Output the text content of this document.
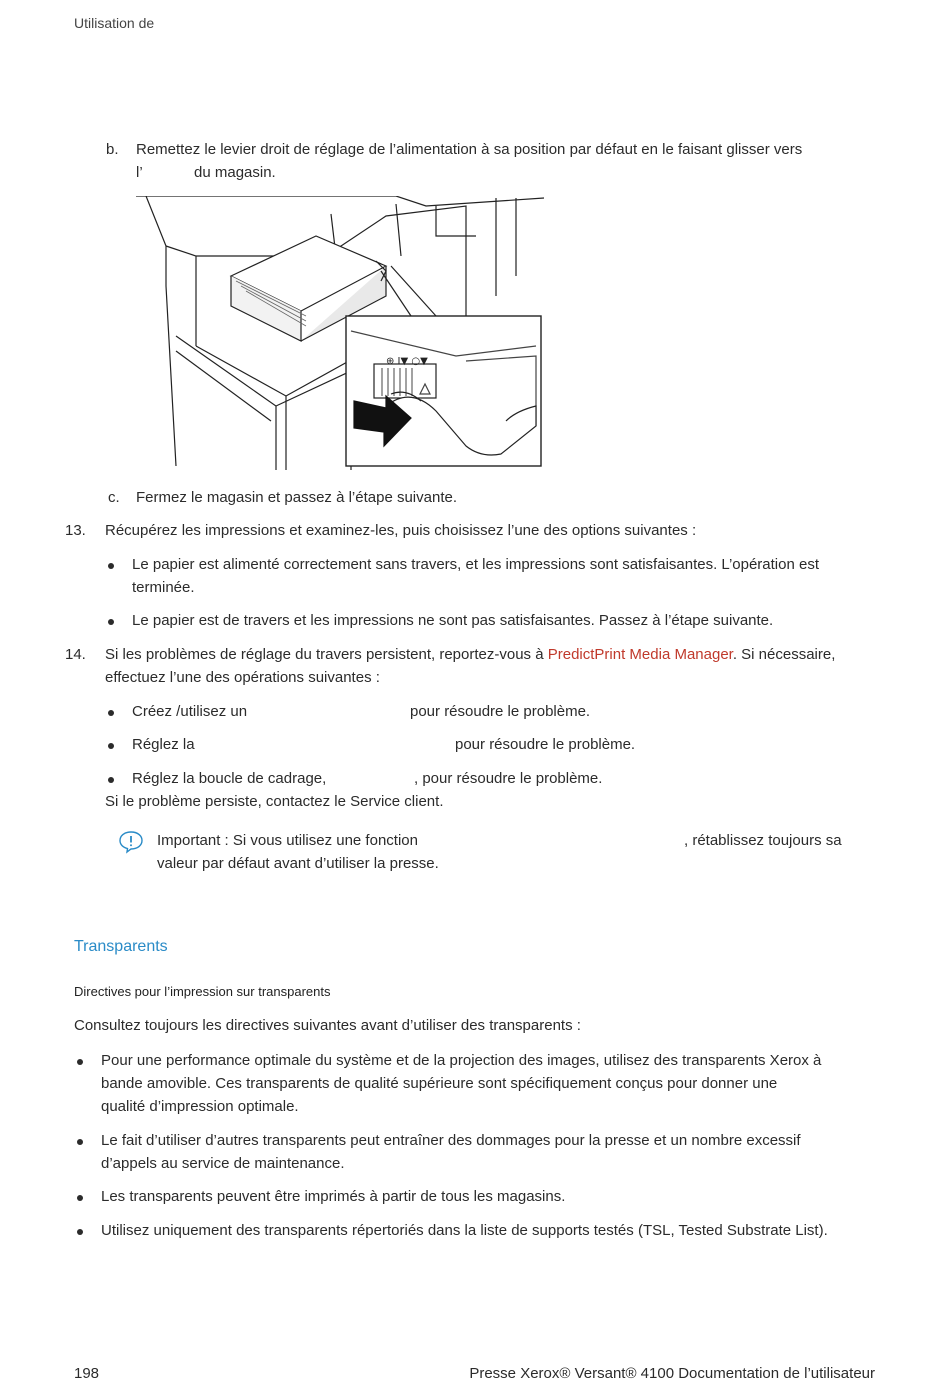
Utilisation de
b. Remettez le levier droit de réglage de l’alimentation à sa position par défaut en le faisant glisser vers
l’	du magasin.
⊕ I▼ ○▼
c. Fermez le magasin et passez à l’étape suivante.
13. Récupérez les impressions et examinez-les, puis choisissez l’une des options suivantes :
Le papier est alimenté correctement sans travers, et les impressions sont satisfaisantes. L’opération est
terminée.
Le papier est de travers et les impressions ne sont pas satisfaisantes. Passez à l’étape suivante.
14. Si les problèmes de réglage du travers persistent, reportez-vous à PredictPrint Media Manager. Si nécessaire,
effectuez l’une des opérations suivantes :
Créez /utilisez un	pour résoudre le problème.
Réglez la	pour résoudre le problème.
Réglez la boucle de cadrage,	, pour résoudre le problème.
Si le problème persiste, contactez le Service client.
Important : Si vous utilisez une fonction	, rétablissez toujours sa
valeur par défaut avant d’utiliser la presse.
Transparents
Directives pour l’impression sur transparents
Consultez toujours les directives suivantes avant d’utiliser des transparents :
Pour une performance optimale du système et de la projection des images, utilisez des transparents Xerox à
bande amovible. Ces transparents de qualité supérieure sont spécifiquement conçus pour donner une
qualité d’impression optimale.
Le fait d’utiliser d’autres transparents peut entraîner des dommages pour la presse et un nombre excessif
d’appels au service de maintenance.
Les transparents peuvent être imprimés à partir de tous les magasins.
Utilisez uniquement des transparents répertoriés dans la liste de supports testés (TSL, Tested Substrate List).
198	Presse Xerox® Versant® 4100 Documentation de l’utilisateur
